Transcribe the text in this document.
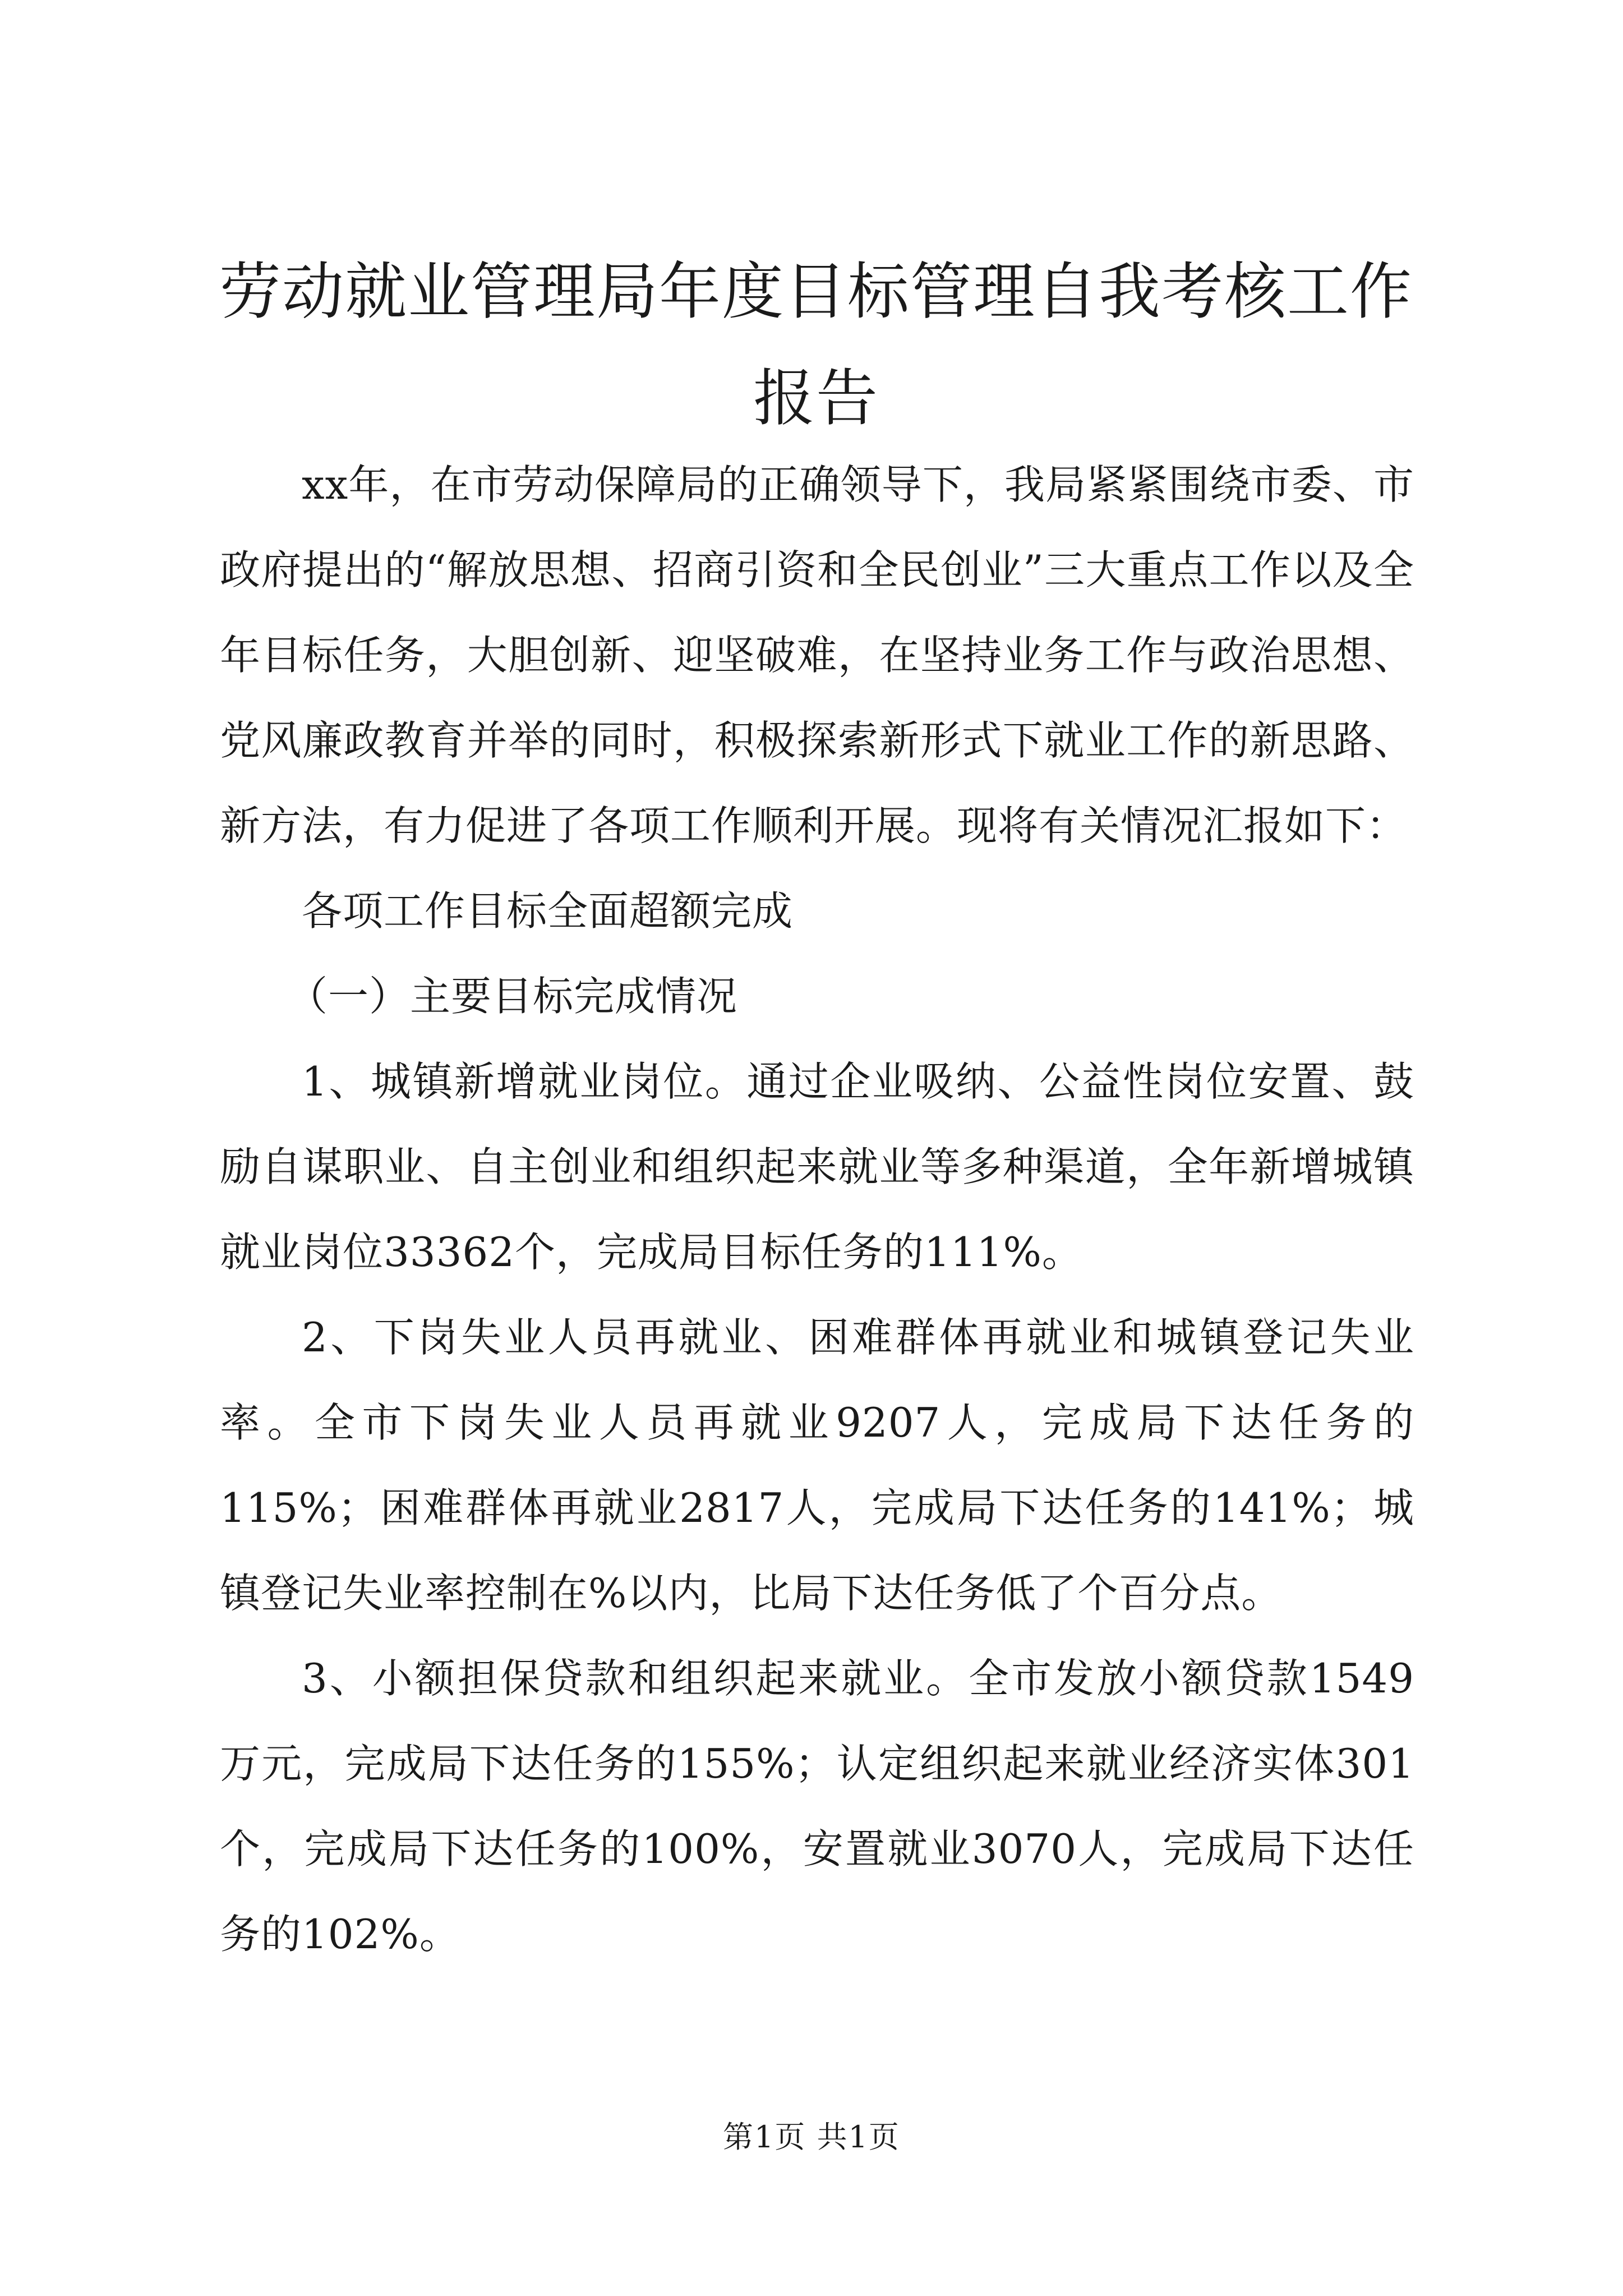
劳动就业管理局年度目标管理自我考核工作报告

xx年，在市劳动保障局的正确领导下，我局紧紧围绕市委、市政府提出的“解放思想、招商引资和全民创业”三大重点工作以及全年目标任务，大胆创新、迎坚破难，在坚持业务工作与政治思想、党风廉政教育并举的同时，积极探索新形式下就业工作的新思路、新方法，有力促进了各项工作顺利开展。现将有关情况汇报如下：

各项工作目标全面超额完成

（一）主要目标完成情况

1、城镇新增就业岗位。通过企业吸纳、公益性岗位安置、鼓励自谋职业、自主创业和组织起来就业等多种渠道，全年新增城镇就业岗位33362个，完成局目标任务的111%。

2、下岗失业人员再就业、困难群体再就业和城镇登记失业率。全市下岗失业人员再就业9207人，完成局下达任务的115%；困难群体再就业2817人，完成局下达任务的141%；城镇登记失业率控制在%以内，比局下达任务低了个百分点。

3、小额担保贷款和组织起来就业。全市发放小额贷款1549万元，完成局下达任务的155%；认定组织起来就业经济实体301个，完成局下达任务的100%，安置就业3070人，完成局下达任务的102%。

第1页 共1页
